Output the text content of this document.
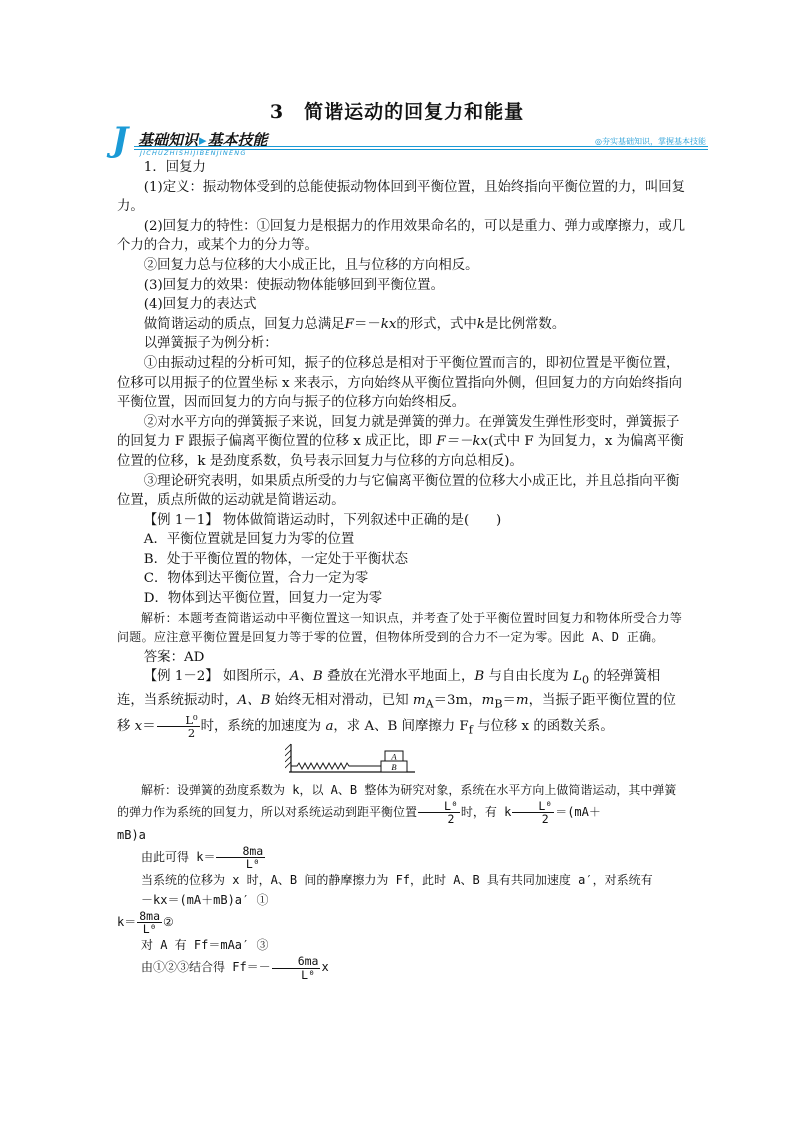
3　简谐运动的回复力和能量
J 基础知识▸基本技能
JICHUZHISHIJIBENJINENG
◎夯实基础知识，掌握基本技能

1．回复力

(1)定义：振动物体受到的总能使振动物体回到平衡位置，且始终指向平衡位置的力，叫回复力。

(2)回复力的特性：①回复力是根据力的作用效果命名的，可以是重力、弹力或摩擦力，或几个力的合力，或某个力的分力等。

②回复力总与位移的大小成正比，且与位移的方向相反。

(3)回复力的效果：使振动物体能够回到平衡位置。

(4)回复力的表达式

做简谐运动的质点，回复力总满足F＝－kx的形式，式中k是比例常数。

以弹簧振子为例分析：

①由振动过程的分析可知，振子的位移总是相对于平衡位置而言的，即初位置是平衡位置，位移可以用振子的位置坐标 x 来表示，方向始终从平衡位置指向外侧，但回复力的方向始终指向平衡位置，因而回复力的方向与振子的位移方向始终相反。

②对水平方向的弹簧振子来说，回复力就是弹簧的弹力。在弹簧发生弹性形变时，弹簧振子的回复力 F 跟振子偏离平衡位置的位移 x 成正比，即 F＝－kx(式中 F 为回复力，x 为偏离平衡位置的位移，k 是劲度系数，负号表示回复力与位移的方向总相反)。

③理论研究表明，如果质点所受的力与它偏离平衡位置的位移大小成正比，并且总指向平衡位置，质点所做的运动就是简谐运动。

【例 1－1】 物体做简谐运动时，下列叙述中正确的是(　　)

A．平衡位置就是回复力为零的位置

B．处于平衡位置的物体，一定处于平衡状态

C．物体到达平衡位置，合力一定为零

D．物体到达平衡位置，回复力一定为零

解析：本题考查简谐运动中平衡位置这一知识点，并考查了处于平衡位置时回复力和物体所受合力等问题。应注意平衡位置是回复力等于零的位置，但物体所受到的合力不一定为零。因此 A、D 正确。

答案：AD

【例 1－2】 如图所示，A、B 叠放在光滑水平地面上，B 与自由长度为 $L_0$ 的轻弹簧相连，当系统振动时，A、B 始终无相对滑动，已知 $m_A=3m$，$m_B=m$，当振子距平衡位置的位移 $x= \frac{\text{L⁰}}{2}$ 时，系统的加速度为 a，求 A、B 间摩擦力 $F_f$ 与位移 x 的函数关系。

A
B

解析：设弹簧的劲度系数为 k，以 A、B 整体为研究对象，系统在水平方向上做简谐运动，其中弹簧的弹力作为系统的回复力，所以对系统运动到距平衡位置 $\frac{\text{L⁰}}{2}$ 时，有 k $\frac{\text{L⁰}}{2} =(mA+$

mB)a

由此可得 $k= \frac{8ma}{\text{L⁰}}$

当系统的位移为 x 时，A、B 间的静摩擦力为 Ff，此时 A、B 具有共同加速度 a′，对系统有

－kx＝(mA＋mB)a′ ①

$k= \frac{8ma}{\text{L⁰}}$ ②

对 A 有 Ff＝mAa′ ③

由①②③结合得 $Ff=- \frac{6ma}{\text{L⁰}}$ x
